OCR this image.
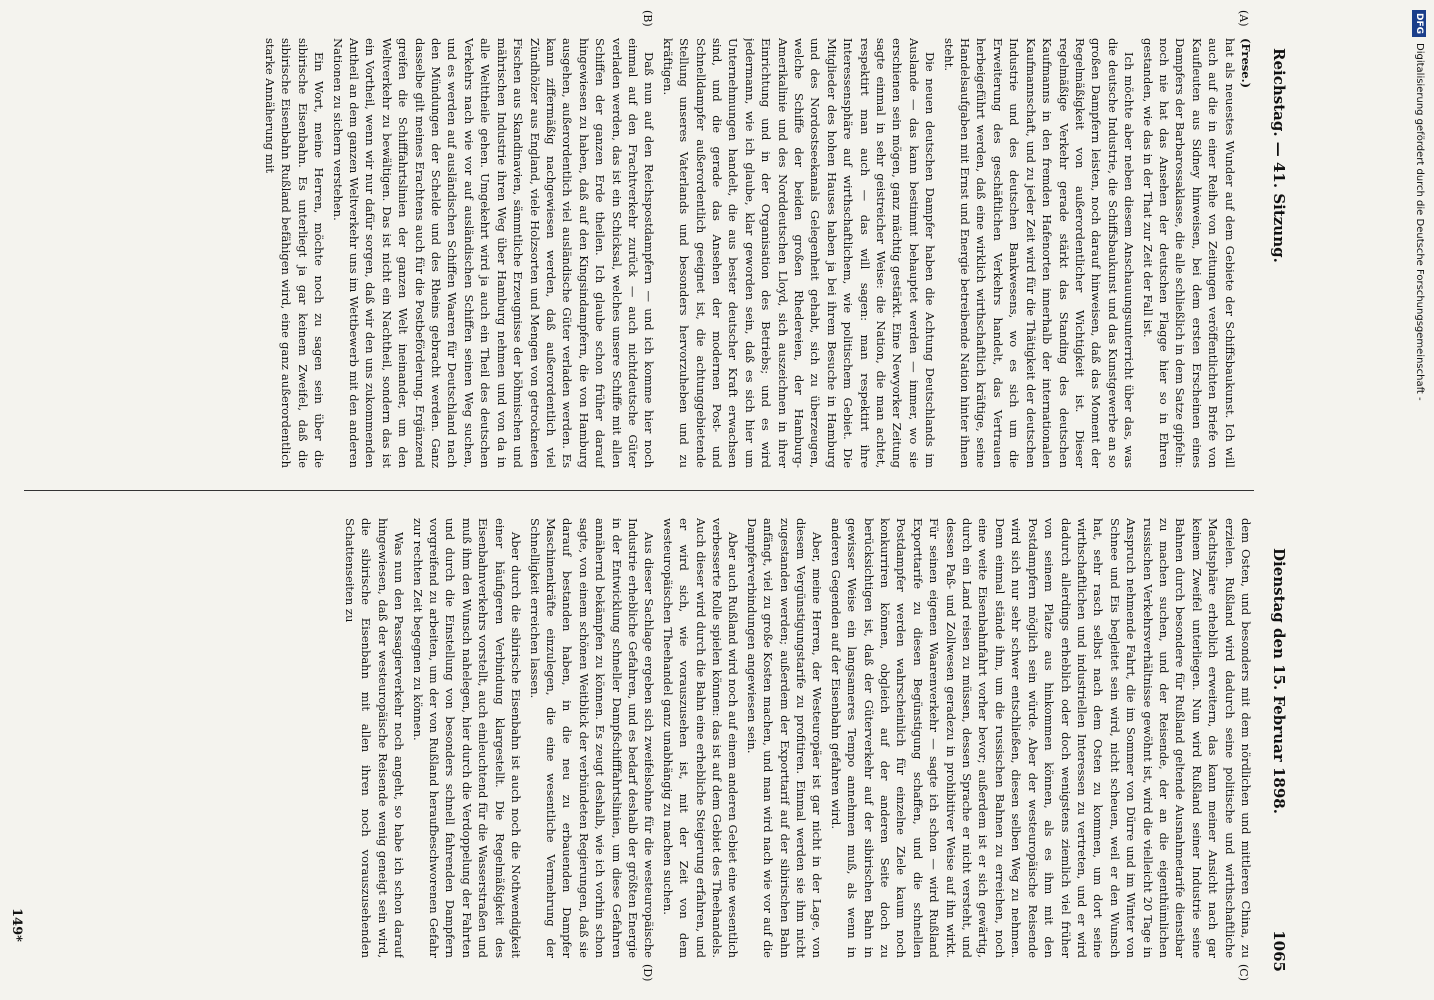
Reichstag. — 41. Sitzung.
Dienstag den 15. Februar 1898.
1065
(A)
(B)
(Frese.)

hat als neuestes Wunder auf dem Gebiete der Schiffsbaukunst. Ich will auch auf die in einer Reihe von Zeitungen veröffentlichten Briefe von Kaufleuten aus Sidney hinweisen, bei dem ersten Erscheinen eines Dampfers der Barbarossaklasse, die alle schließlich in dem Satze gipfeln: noch nie hat das Ansehen der deutschen Flagge hier so in Ehren gestanden, wie das in der That zur Zeit der Fall ist.

Ich möchte aber neben diesem Anschauungsunterricht über das, was die deutsche Industrie, die Schiffsbaukunst und das Kunstgewerbe an so großen Dampfern leisten, noch darauf hinweisen, daß das Moment der Regelmäßigkeit von außerordentlicher Wichtigkeit ist. Dieser regelmäßige Verkehr gerade stärkt das Standing des deutschen Kaufmanns in den fremden Hafenorten innerhalb der internationalen Kaufmannschaft, und zu jeder Zeit wird für die Thätigkeit der deutschen Industrie und des deutschen Bankwesens, wo es sich um die Erweiterung des geschäftlichen Verkehrs handelt, das Vertrauen herbeigeführt werden, daß eine wirklich wirthschaftlich kräftige, seine Handelsaufgaben mit Ernst und Energie betreibende Nation hinter ihnen steht.

Die neuen deutschen Dampfer haben die Achtung Deutschlands im Auslande — das kann bestimmt behauptet werden — immer, wo sie erschienen sein mögen, ganz mächtig gestärkt. Eine Newyorker Zeitung sagte einmal in sehr geistreicher Weise: die Nation, die man achtet, respektirt man auch — das will sagen: man respektirt ihre Interessensphäre auf wirthschaftlichem, wie politischem Gebiet. Die Mitglieder des hohen Hauses haben ja bei ihrem Besuche in Hamburg und des Nordostseekanals Gelegenheit gehabt, sich zu überzeugen, welche Schiffe der beiden großen Rhedereien, der Hamburg-Amerikalinie und des Norddeutschen Lloyd, sich auszeichnen in ihrer Einrichtung und in der Organisation des Betriebs; und es wird jedermann, wie ich glaube, klar geworden sein, daß es sich hier um Unternehmungen handelt, die aus bester deutscher Kraft erwachsen sind, und die gerade das Ansehen der modernen Post- und Schnelldampfer außerordentlich geeignet ist, die achtunggebietende Stellung unseres Vaterlands und besonders hervorzuheben und zu kräftigen.

Daß nun auf den Reichspostdampfern — und ich komme hier noch einmal auf den Frachtverkehr zurück — auch nichtdeutsche Güter verladen werden, das ist ein Schicksal, welches unsere Schiffe mit allen Schiffen der ganzen Erde theilen. Ich glaube schon früher darauf hingewiesen zu haben, daß auf den Kingsindampfern, die von Hamburg ausgehen, außerordentlich viel ausländische Güter verladen werden. Es kann ziffermäßig nachgewiesen werden, daß außerordentlich viel Zündhölzer aus England, viele Holzsorten und Mengen von getrockneten Fischen aus Skandinavien, sämmtliche Erzeugnisse der böhmischen und mährischen Industrie ihren Weg über Hamburg nehmen und von da in alle Welttheile gehen. Umgekehrt wird ja auch ein Theil des deutschen Verkehrs nach wie vor auf ausländischen Schiffen seinen Weg suchen, und es werden auf ausländischen Schiffen Waaren für Deutschland nach den Mündungen der Schelde und des Rheins gebracht werden. Ganz dasselbe gilt meines Erachtens auch für die Postbeförderung. Ergänzend greifen die Schifffahrtslinien der ganzen Welt ineinander, um den Weltverkehr zu bewältigen. Das ist nicht ein Nachtheil, sondern das ist ein Vortheil, wenn wir nur dafür sorgen, daß wir den uns zukommenden Antheil an dem ganzen Weltverkehr uns im Wettbewerb mit den anderen Nationen zu sichern verstehen.

Ein Wort, meine Herren, möchte noch zu sagen sein über die sibirische Eisenbahn. Es unterliegt ja gar keinem Zweifel, daß die sibirische Eisenbahn Rußland befähigen wird, eine ganz außerordentlich starke Annäherung mit

(C)
(D)

dem Osten, und besonders mit dem nördlichen und mittleren China, zu erzielen. Rußland wird dadurch seine politische und wirthschaftliche Machtsphäre erheblich erweitern, das kann meiner Ansicht nach gar keinem Zweifel unterliegen. Nun wird Rußland seiner Industrie seine Bahnen durch besondere für Rußland geltende Ausnahmetarife dienstbar zu machen suchen, und der Reisende, der an die eigenthümlichen russischen Verkehrsverhältnisse gewöhnt ist, wird die vielleicht 20 Tage in Anspruch nehmende Fahrt, die im Sommer von Dürre und im Winter von Schnee und Eis begleitet sein wird, nicht scheuen, weil er den Wunsch hat, sehr rasch selbst nach dem Osten zu kommen, um dort seine wirthschaftlichen und industriellen Interessen zu vertreten, und er wird dadurch allerdings erheblich oder doch wenigstens ziemlich viel früher von seinem Platze aus hinkommen können, als es ihm mit den Postdampfern möglich sein würde. Aber der westeuropäische Reisende wird sich nur sehr schwer entschließen, diesen selben Weg zu nehmen. Denn einmal stände ihm, um die russischen Bahnen zu erreichen, noch eine weite Eisenbahnfahrt vorher bevor; außerdem ist er sich gewärtig, durch ein Land reisen zu müssen, dessen Sprache er nicht versteht, und dessen Paß- und Zollwesen geradezu in prohibitiver Weise auf ihn wirkt. Für seinen eigenen Waarenverkehr — sagte ich schon — wird Rußland Exporttarife zu diesen Begünstigung schaffen, und die schnellen Postdampfer werden wahrscheinlich für einzelne Ziele kaum noch konkurriren können, obgleich auf der anderen Seite doch zu berücksichtigen ist, daß der Güterverkehr auf der sibirischen Bahn in gewisser Weise ein langsameres Tempo annehmen muß, als wenn in anderen Gegenden auf der Eisenbahn gefahren wird.

Aber, meine Herren, der Westeuropäer ist gar nicht in der Lage, von diesem Vergünstigungstarife zu profitiren. Einmal werden sie ihm nicht zugestanden werden; außerdem der Exporttarif auf der sibirischen Bahn anfängt, viel zu große Kosten machen, und man wird nach wie vor auf die Dampferverbindungen angewiesen sein.

Aber auch Rußland wird noch auf einem anderen Gebiet eine wesentlich verbesserte Rolle spielen können: das ist auf dem Gebiet des Theehandels. Auch dieser wird durch die Bahn eine erhebliche Steigerung erfahren, und er wird sich, wie vorauszusehen ist, mit der Zeit von dem westeuropäischen Theehandel ganz unabhängig zu machen suchen.

Aus dieser Sachlage ergeben sich zweifelsohne für die westeuropäische Industrie erhebliche Gefahren, und es bedarf deshalb der größten Energie in der Entwicklung schneller Dampfschifffahrtslinien, um diese Gefahren annähernd bekämpfen zu können. Es zeugt deshalb, wie ich vorhin schon sagte, von einem schönen Weitblick der verbündeten Regierungen, daß sie darauf bestanden haben, in die neu zu erbauenden Dampfer Maschinenkräfte einzulegen, die eine wesentliche Vermehrung der Schnelligkeit erreichen lassen.

Aber durch die sibirische Eisenbahn ist auch noch die Nothwendigkeit einer häufigeren Verbindung klargestellt. Die Regelmäßigkeit des Eisenbahnverkehrs vorstellt, auch einleuchtend für die Wasserstraßen und muß ihm den Wunsch nahelegen, hier durch die Verdoppelung der Fahrten und durch die Einstellung von besonders schnell fahrenden Dampfern vorgreifend zu arbeiten, um der von Rußland heraufbeschworenen Gefahr zur rechten Zeit begegnen zu können.

Was nun den Passagierverkehr noch angeht, so habe ich schon darauf hingewiesen, daß der westeuropäische Reisende wenig geneigt sein wird, die sibirische Eisenbahn mit allen ihren noch vorauszusehenden Schattenseiten zu

149*
DFGDigitalisierung gefördert durch die Deutsche Forschungsgemeinschaft -
